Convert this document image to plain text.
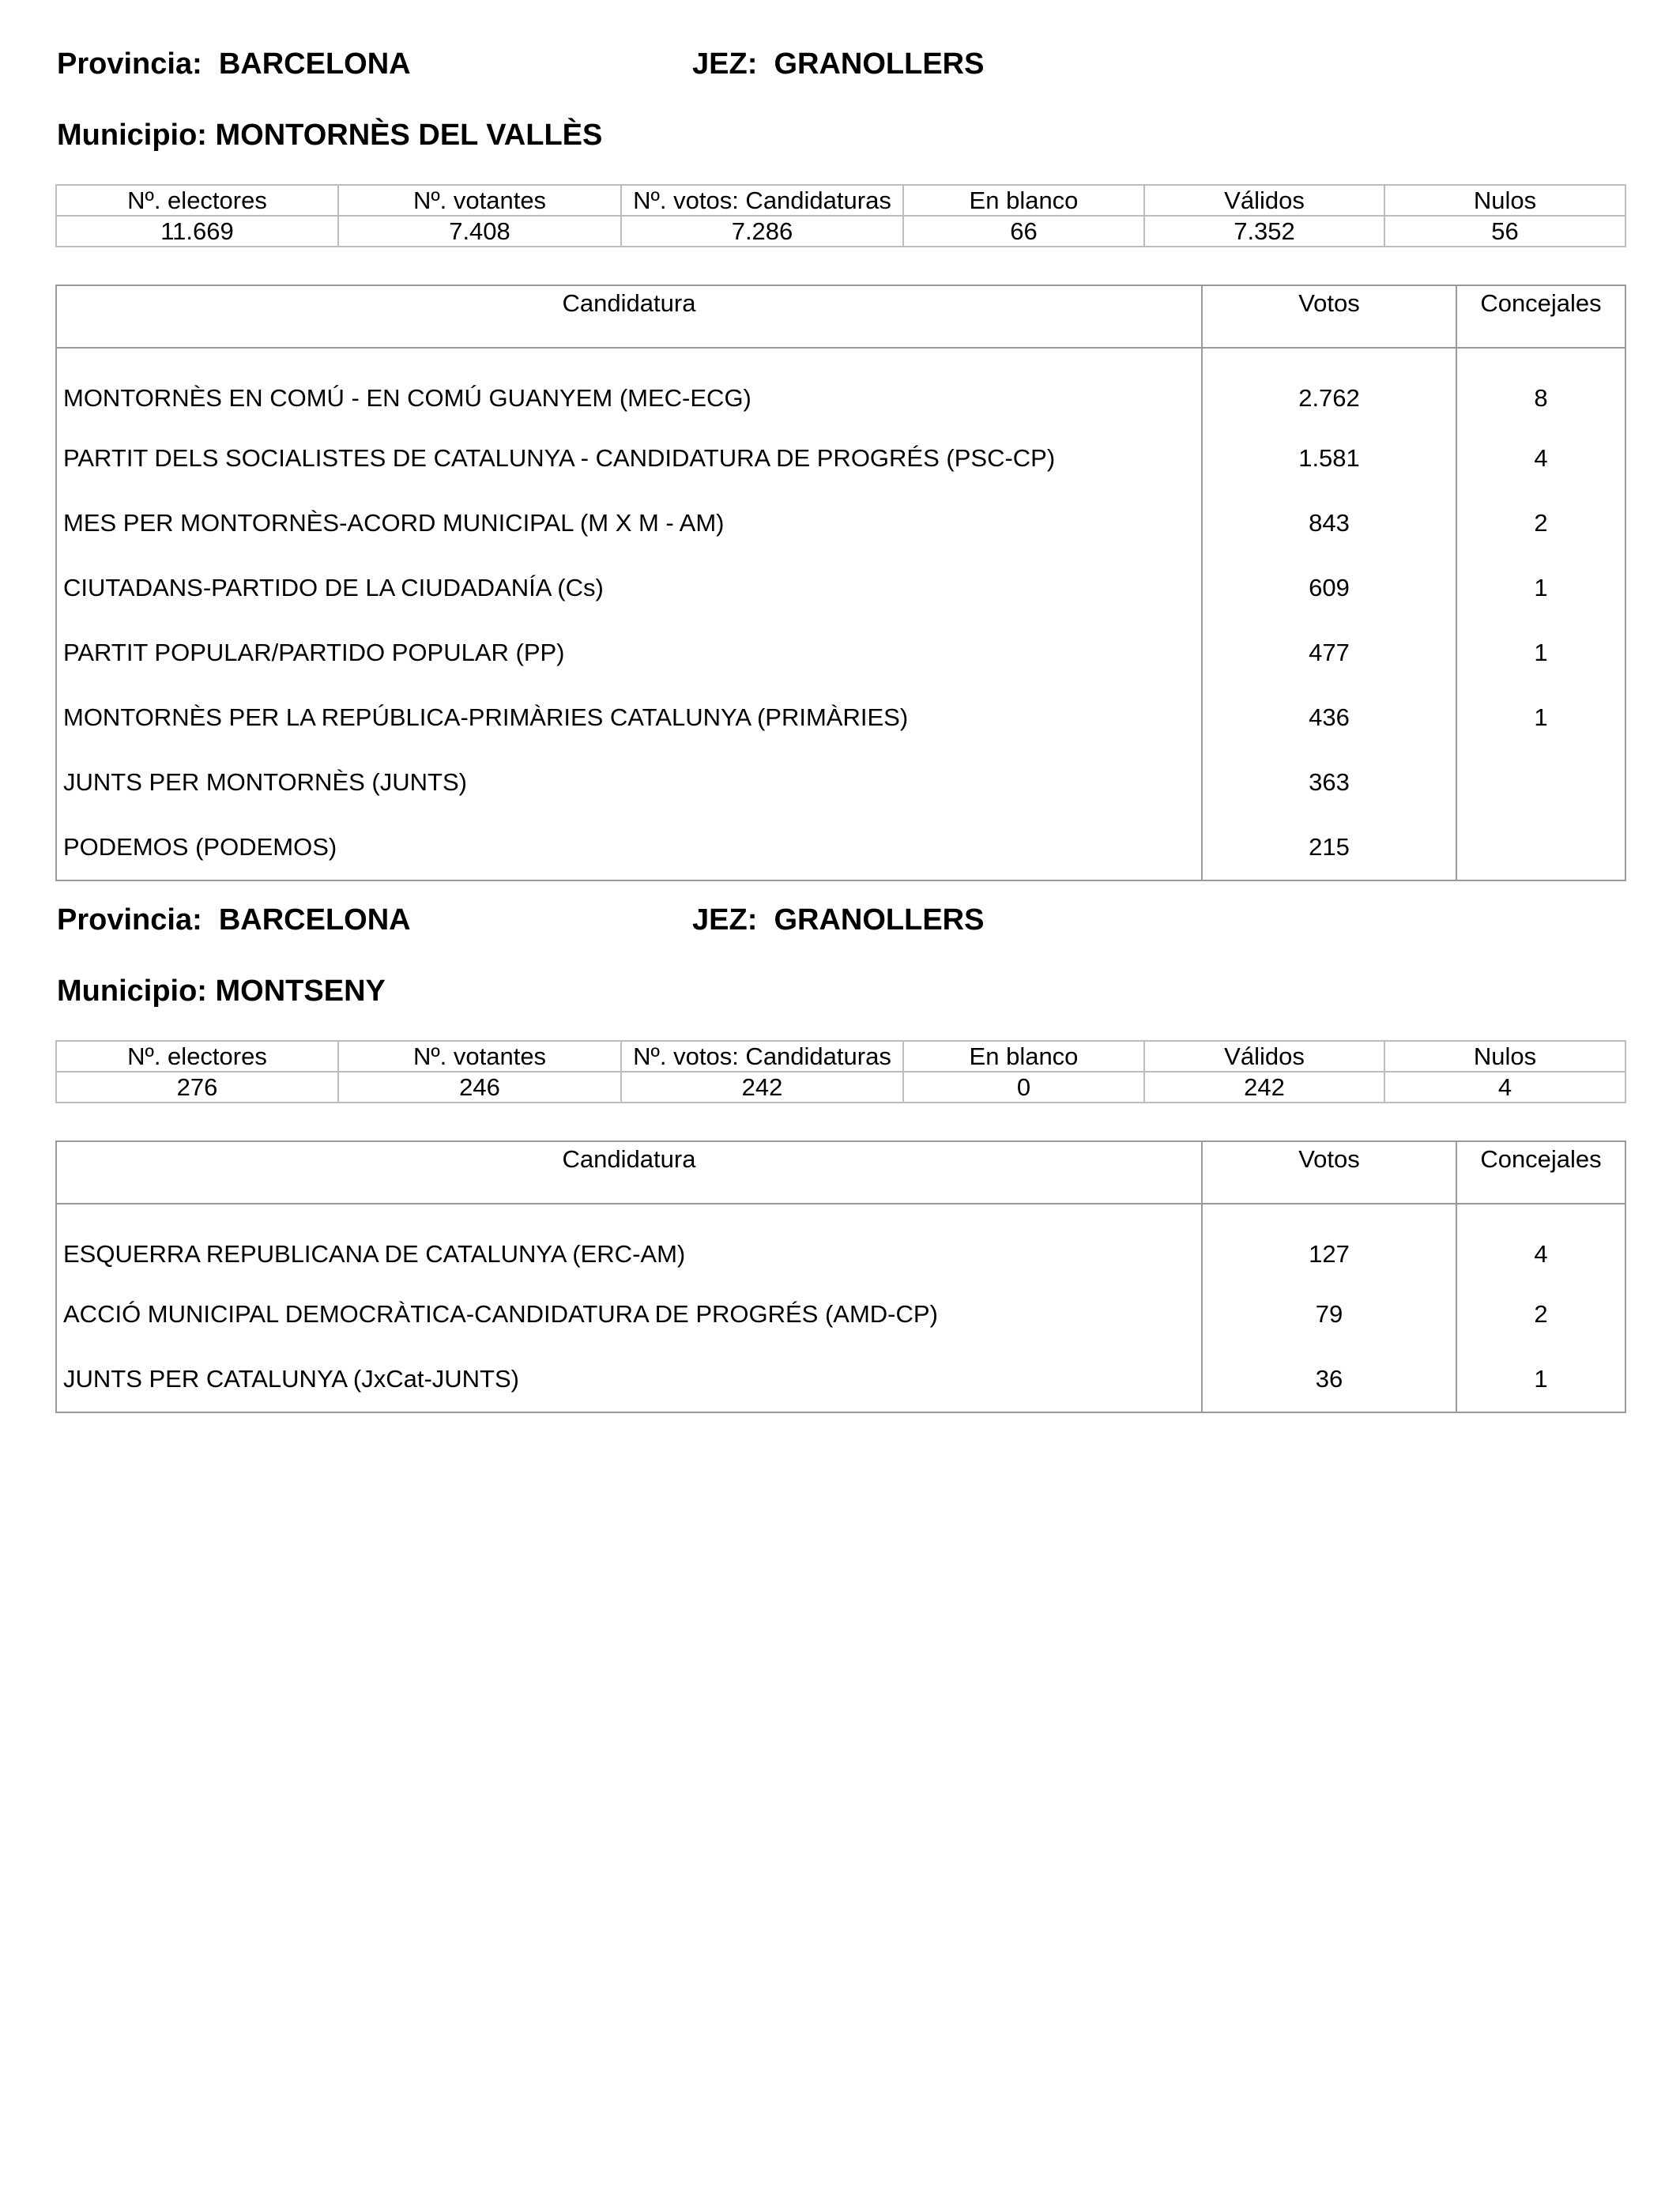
Provincia:  BARCELONA	JEZ:  GRANOLLERS
Municipio: MONTORNÈS DEL VALLÈS
Nº. electores	Nº. votantes	Nº. votos: Candidaturas	En blanco	Válidos	Nulos
11.669	7.408	7.286	66	7.352	56
Candidatura	Votos	Concejales
MONTORNÈS EN COMÚ - EN COMÚ GUANYEM (MEC-ECG)	2.762	8
PARTIT DELS SOCIALISTES DE CATALUNYA - CANDIDATURA DE PROGRÉS (PSC-CP)	1.581	4
MES PER MONTORNÈS-ACORD MUNICIPAL (M X M - AM)	843	2
CIUTADANS-PARTIDO DE LA CIUDADANÍA (Cs)	609	1
PARTIT POPULAR/PARTIDO POPULAR (PP)	477	1
MONTORNÈS PER LA REPÚBLICA-PRIMÀRIES CATALUNYA (PRIMÀRIES)	436	1
JUNTS PER MONTORNÈS (JUNTS)	363	
PODEMOS (PODEMOS)	215	
Provincia:  BARCELONA	JEZ:  GRANOLLERS
Municipio: MONTSENY
Nº. electores	Nº. votantes	Nº. votos: Candidaturas	En blanco	Válidos	Nulos
276	246	242	0	242	4
Candidatura	Votos	Concejales
ESQUERRA REPUBLICANA DE CATALUNYA (ERC-AM)	127	4
ACCIÓ MUNICIPAL DEMOCRÀTICA-CANDIDATURA DE PROGRÉS (AMD-CP)	79	2
JUNTS PER CATALUNYA (JxCat-JUNTS)	36	1
